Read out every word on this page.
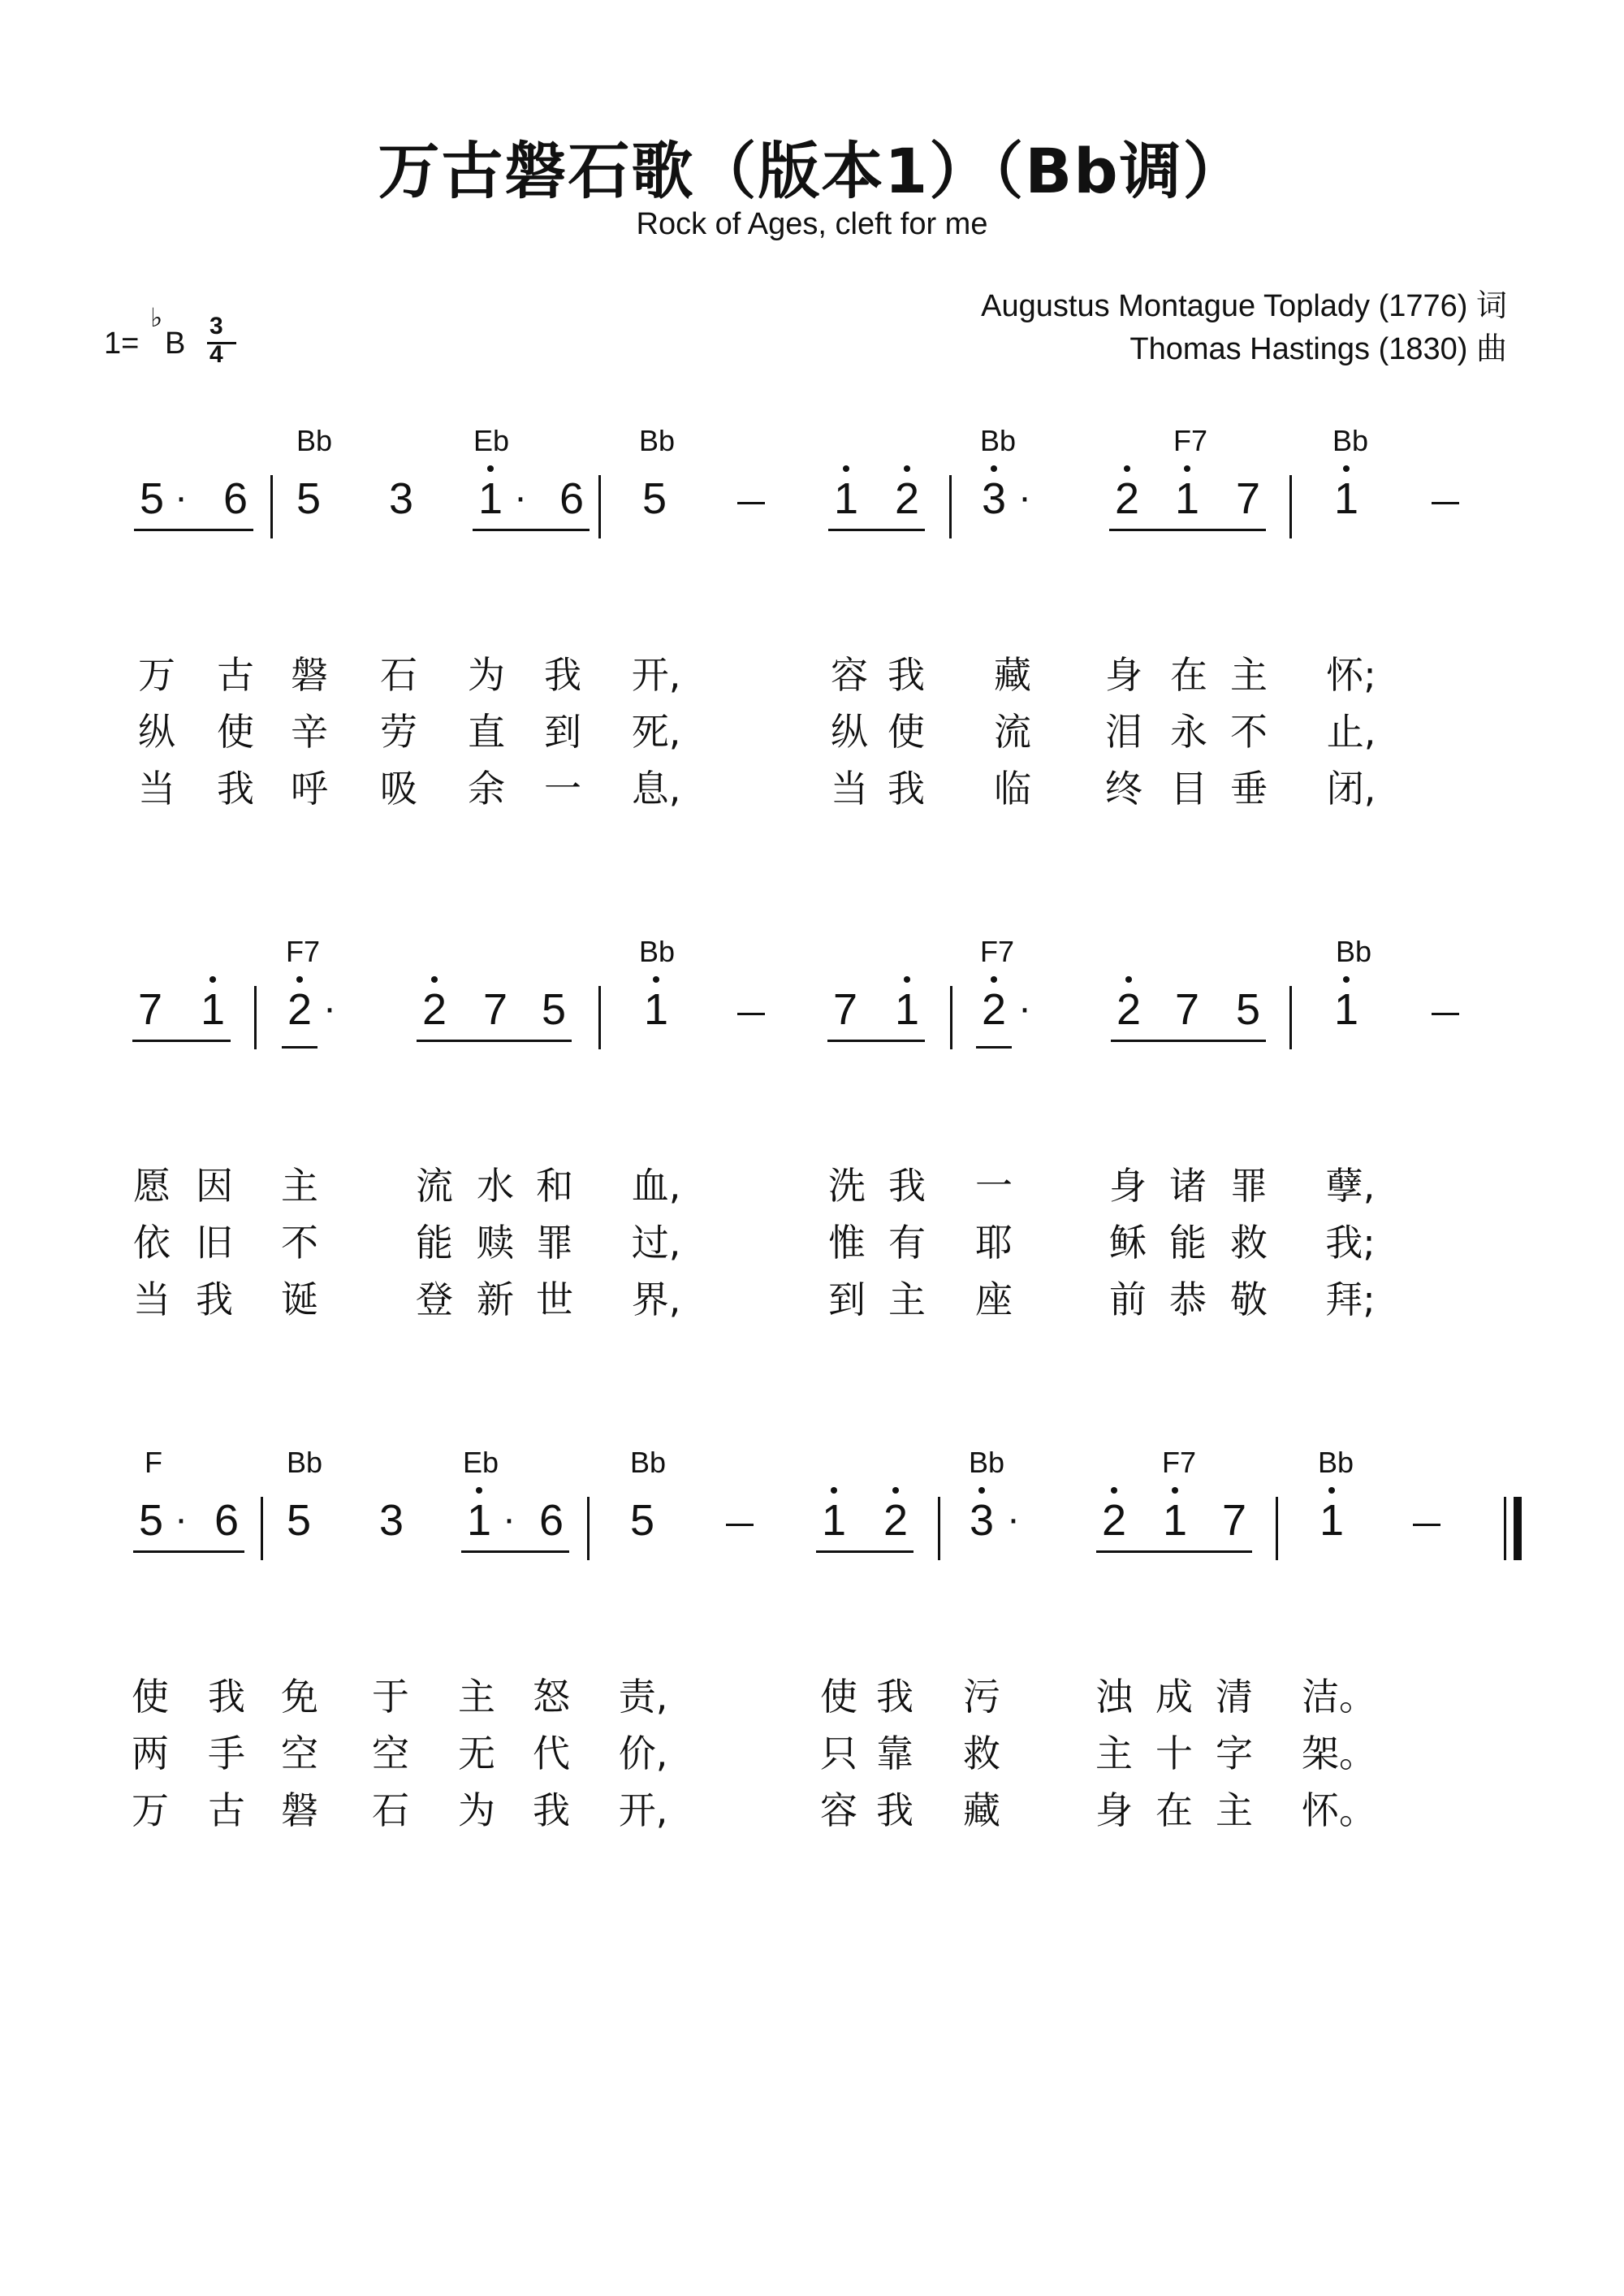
万古磐石歌（版本1）（Bb调）
Rock of Ages, cleft for me
Augustus Montague Toplady (1776) 词
Thomas Hastings (1830) 曲
1=
♭
B
3
4
Bb	Eb	Bb	Bb	F7	Bb
5 · 6 5 3 1 · 6 5	1 2 3 · 2 1 7 1
万 古 磐 石 为 我 开,	容 我 藏 身 在 主 怀;
纵 使 辛 劳 直 到 死,	纵 使 流 泪 永 不 止,
当 我 呼 吸 余 一 息,	当 我 临 终 目 垂 闭,
F7	Bb	F7	Bb
7 1 2 · 2 7 5 1	7 1 2 · 2 7 5 1
愿 因 主	流 水 和 血,	洗 我 一	身 诸 罪 孽,
依 旧 不	能 赎 罪 过,	惟 有 耶	稣 能 救 我;
当 我 诞	登 新 世 界,	到 主 座	前 恭 敬 拜;
F	Bb	Eb	Bb	Bb	F7	Bb
5 · 6 5 3 1 · 6 5	1 2 3 · 2 1 7 1
使 我 免 于 主 怒 责,	使 我 污	浊 成 清 洁。
两 手 空 空 无 代 价,	只 靠 救	主 十 字 架。
万 古 磐 石 为 我 开,	容 我 藏	身 在 主 怀。
